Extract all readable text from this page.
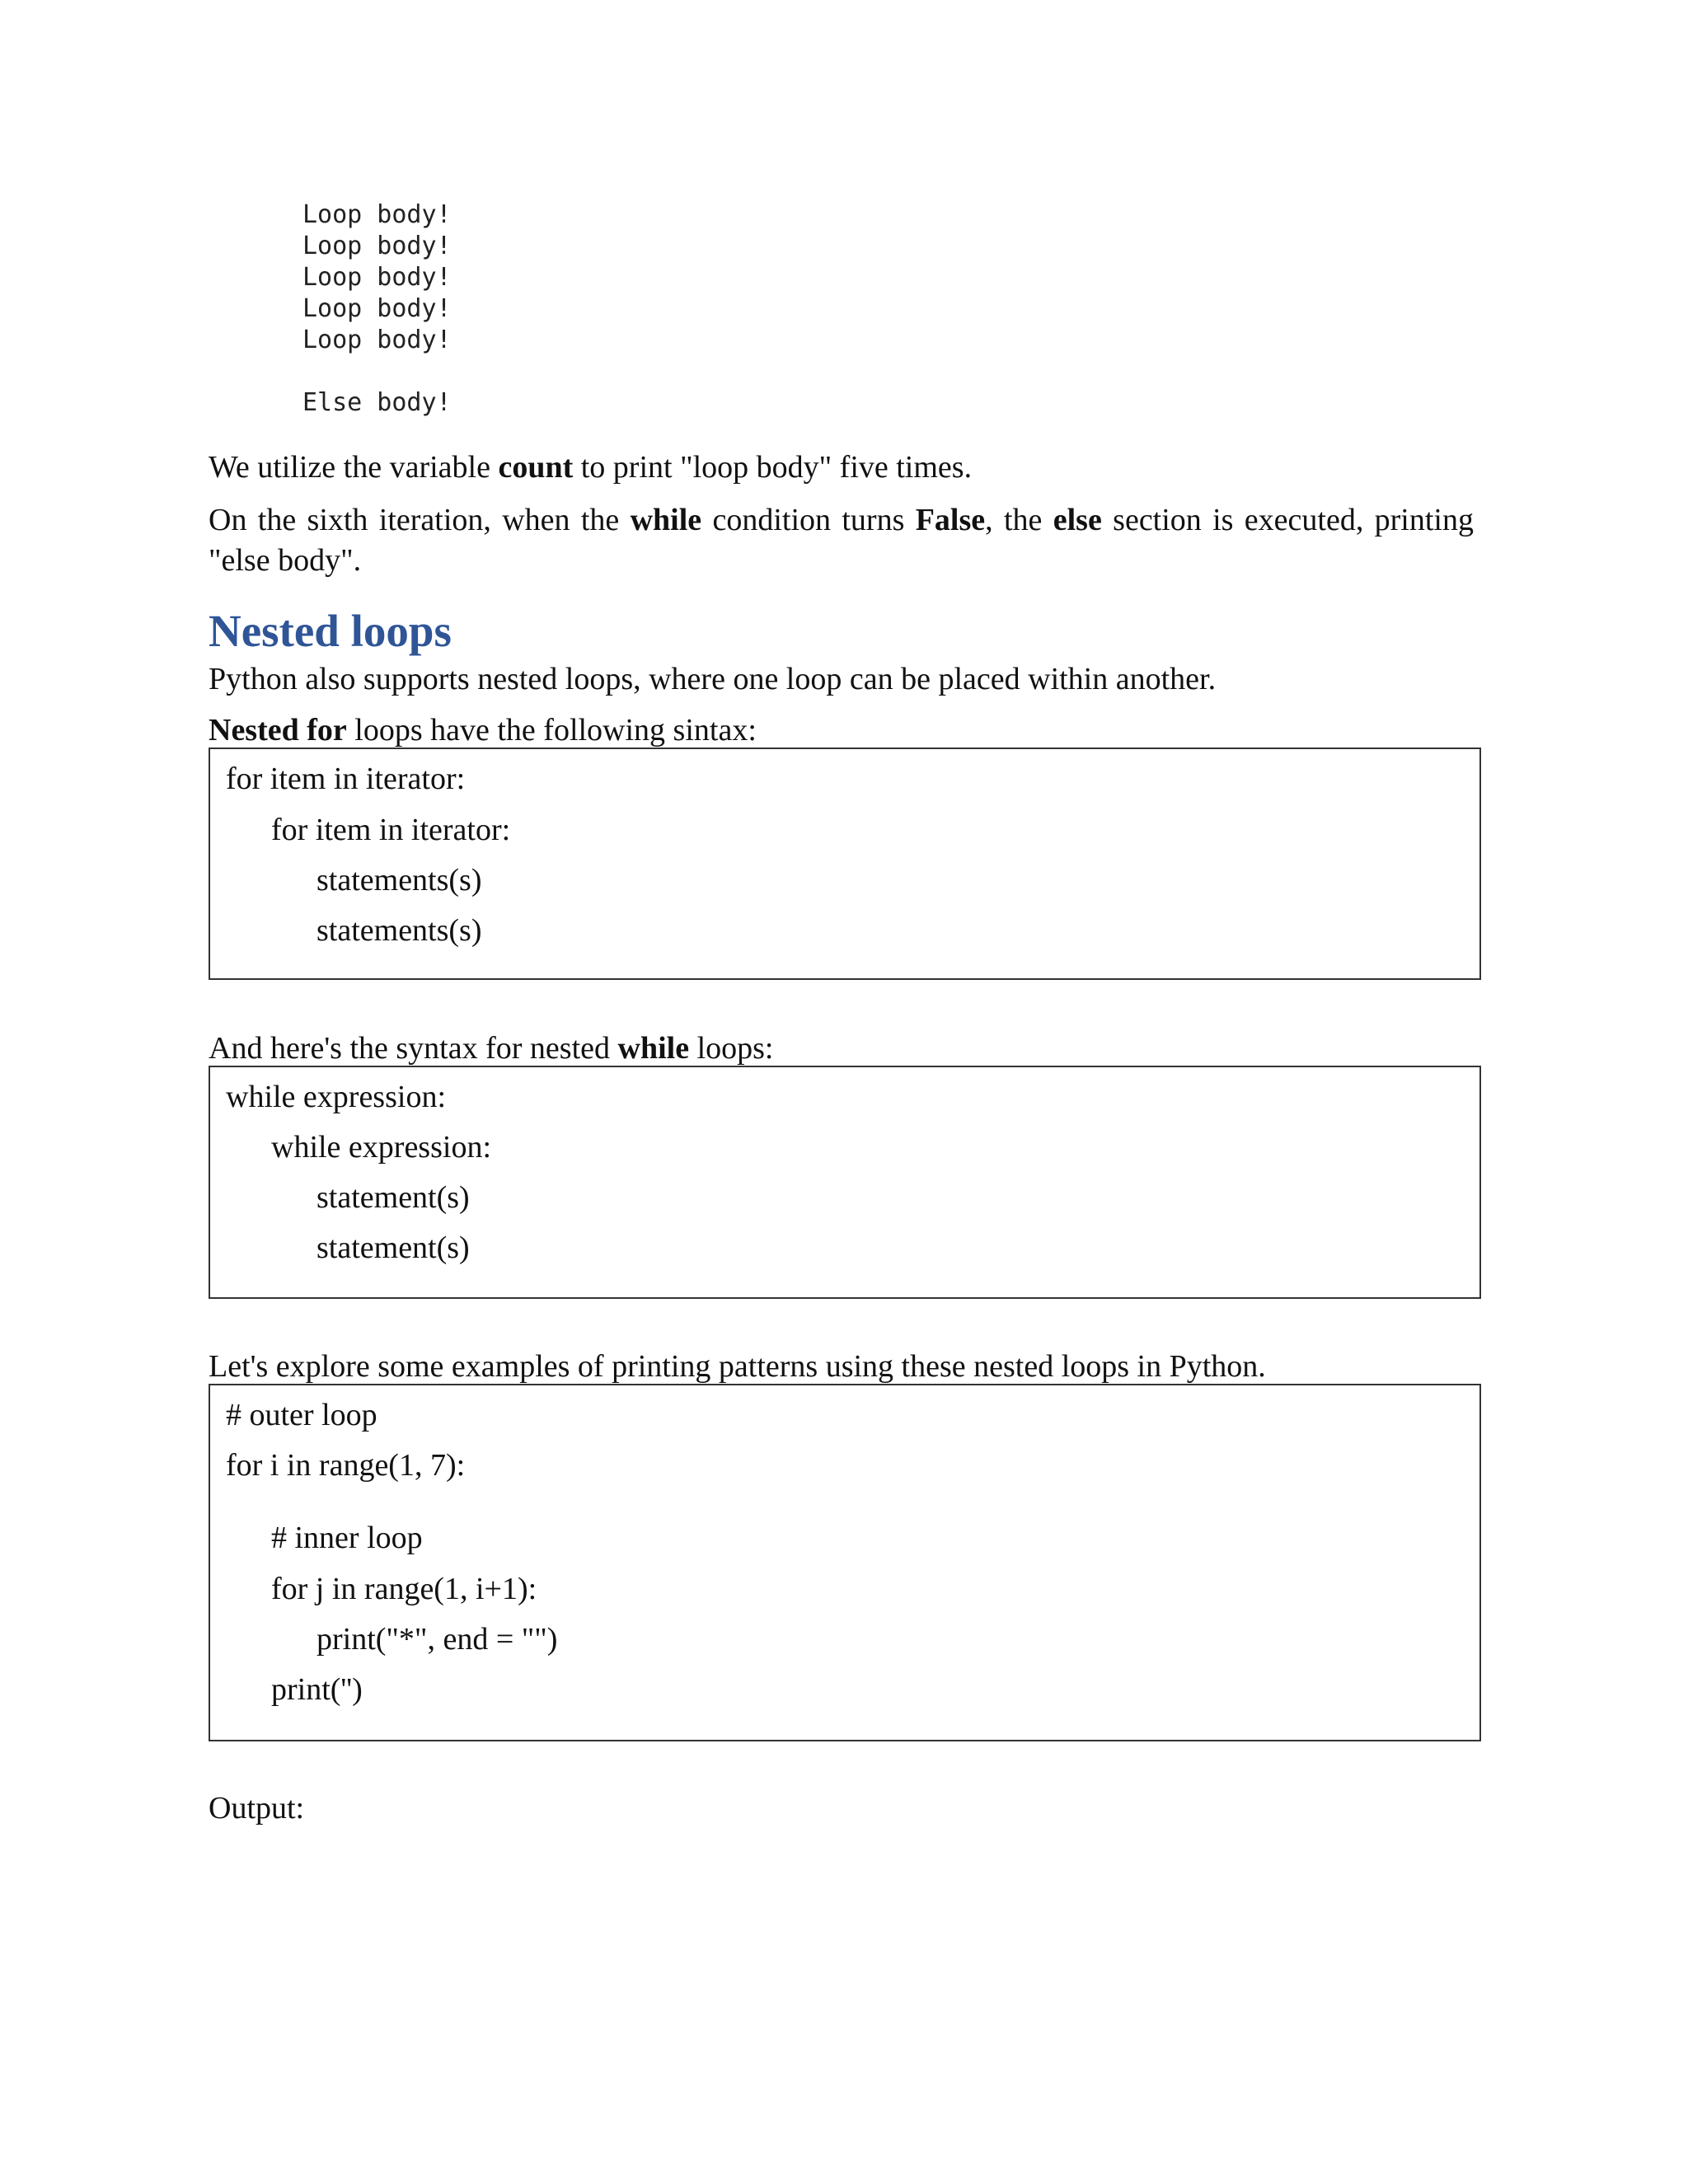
Loop body!
Loop body!
Loop body!
Loop body!
Loop body!
Else body!

We utilize the variable count to print "loop body" five times.

On the sixth iteration, when the while condition turns False, the else section is executed, printing "else body".

Nested loops

Python also supports nested loops, where one loop can be placed within another.

Nested for loops have the following sintax:

for item in iterator:
for item in iterator:
statements(s)
statements(s)

And here's the syntax for nested while loops:

while expression:
while expression:
statement(s)
statement(s)

Let's explore some examples of printing patterns using these nested loops in Python.

# outer loop
for i in range(1, 7):
# inner loop
for j in range(1, i+1):
print("*", end = "")
print('')

Output:
